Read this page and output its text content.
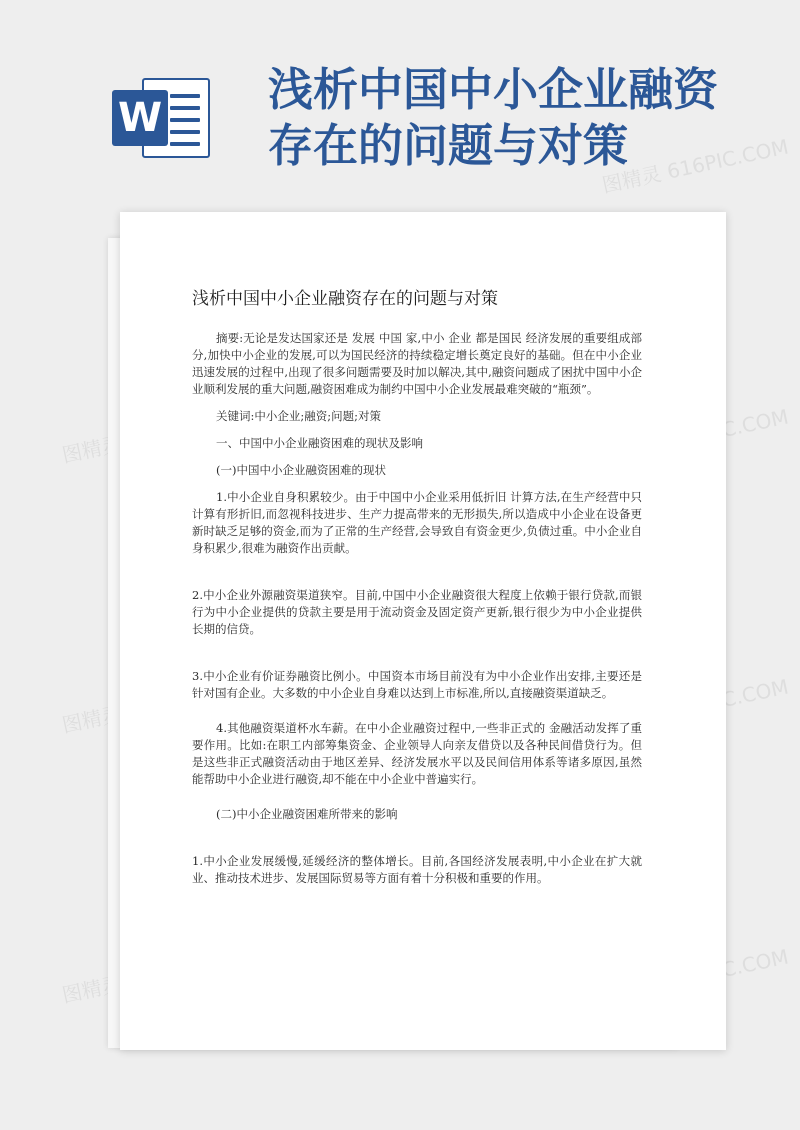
W
浅析中国中小企业融资
存在的问题与对策
图精灵 616PIC.COM
图精灵	616PIC.COM
图精灵	616PIC.COM
图精灵	616PIC.COM
浅析中国中小企业融资存在的问题与对策

摘要:无论是发达国家还是 发展 中国 家,中小 企业 都是国民 经济发展的重要组成部分,加快中小企业的发展,可以为国民经济的持续稳定增长奠定良好的基础。但在中小企业迅速发展的过程中,出现了很多问题需要及时加以解决,其中,融资问题成了困扰中国中小企业顺利发展的重大问题,融资困难成为制约中国中小企业发展最难突破的“瓶颈”。

关键词:中小企业;融资;问题;对策

一、中国中小企业融资困难的现状及影响

(一)中国中小企业融资困难的现状

1.中小企业自身积累较少。由于中国中小企业采用低折旧 计算方法,在生产经营中只计算有形折旧,而忽视科技进步、生产力提高带来的无形损失,所以造成中小企业在设备更新时缺乏足够的资金,而为了正常的生产经营,会导致自有资金更少,负债过重。中小企业自身积累少,很难为融资作出贡献。

2.中小企业外源融资渠道狭窄。目前,中国中小企业融资很大程度上依赖于银行贷款,而银行为中小企业提供的贷款主要是用于流动资金及固定资产更新,银行很少为中小企业提供长期的信贷。

3.中小企业有价证券融资比例小。中国资本市场目前没有为中小企业作出安排,主要还是针对国有企业。大多数的中小企业自身难以达到上市标准,所以,直接融资渠道缺乏。

4.其他融资渠道杯水车薪。在中小企业融资过程中,一些非正式的 金融活动发挥了重要作用。比如:在职工内部筹集资金、企业领导人向亲友借贷以及各种民间借贷行为。但是这些非正式融资活动由于地区差异、经济发展水平以及民间信用体系等诸多原因,虽然能帮助中小企业进行融资,却不能在中小企业中普遍实行。

(二)中小企业融资困难所带来的影响

1.中小企业发展缓慢,延缓经济的整体增长。目前,各国经济发展表明,中小企业在扩大就业、推动技术进步、发展国际贸易等方面有着十分积极和重要的作用。
